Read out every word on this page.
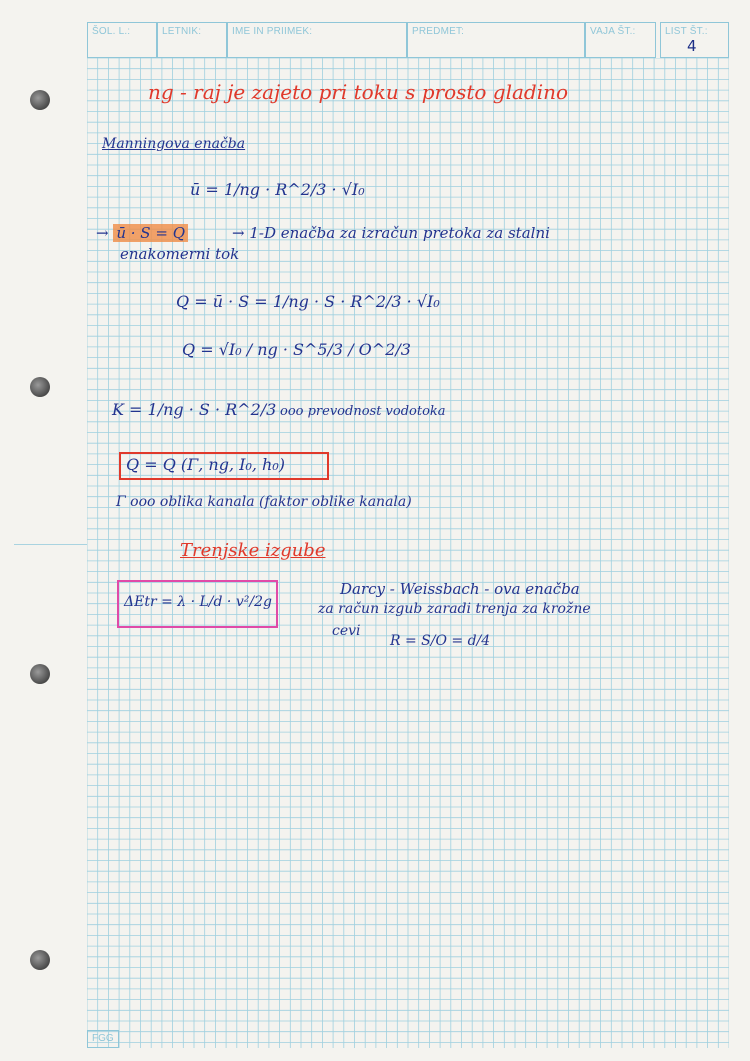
ŠOL. L.:	LETNIK:	IME IN PRIIMEK:	PREDMET:	VAJA ŠT.:	LIST ŠT.:
4
FGG
ng - raj je zajeto pri toku s prosto gladino
Manningova enačba
ū = 1/ng · R^2/3 · √I₀
→ ū · S = Q	→ 1-D enačba za izračun pretoka za stalni
enakomerni tok
Q = ū · S = 1/ng · S · R^2/3 · √I₀
Q = √I₀ / ng · S^5/3 / O^2/3
K = 1/ng · S · R^2/3 ooo prevodnost vodotoka
Q = Q (Γ, ng, I₀, h₀)
Γ ooo oblika kanala (faktor oblike kanala)
Trenjske izgube
ΔEtr = λ · L/d · v²/2g
Darcy - Weissbach - ova enačba
za račun izgub zaradi trenja za krožne
cevi
R = S/O = d/4
